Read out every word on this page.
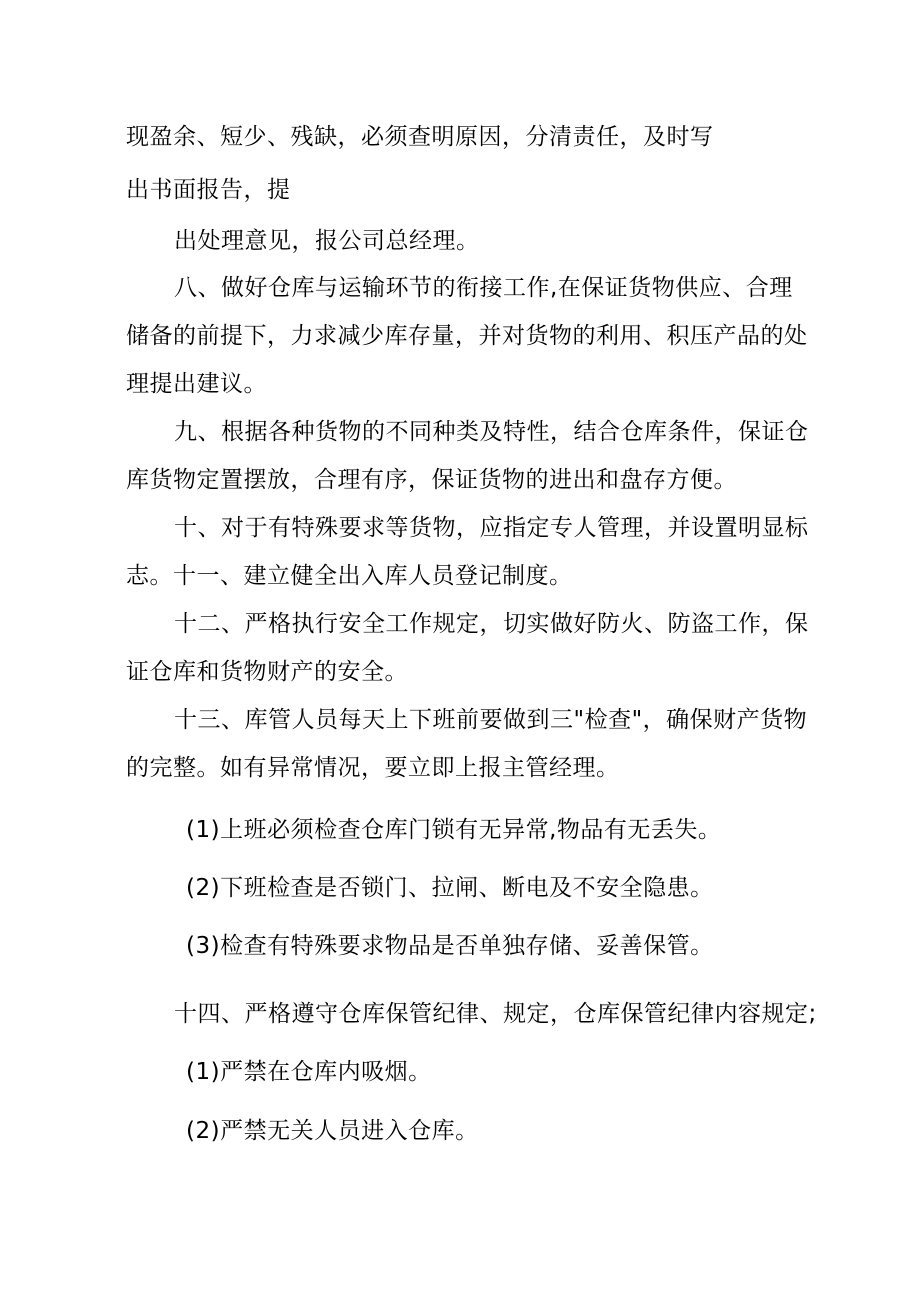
现盈余、短少、残缺，必须查明原因，分清责任，及时写
出书面报告，提
出处理意见，报公司总经理。
八、做好仓库与运输环节的衔接工作,在保证货物供应、合理
储备的前提下，力求减少库存量，并对货物的利用、积压产品的处
理提出建议。
九、根据各种货物的不同种类及特性，结合仓库条件，保证仓
库货物定置摆放，合理有序，保证货物的进出和盘存方便。
十、对于有特殊要求等货物，应指定专人管理，并设置明显标
志。十一、建立健全出入库人员登记制度。
十二、严格执行安全工作规定，切实做好防火、防盗工作，保
证仓库和货物财产的安全。
十三、库管人员每天上下班前要做到三"检查"，确保财产货物
的完整。如有异常情况，要立即上报主管经理。
(1)上班必须检查仓库门锁有无异常,物品有无丢失。
(2)下班检查是否锁门、拉闸、断电及不安全隐患。
(3)检查有特殊要求物品是否单独存储、妥善保管。
十四、严格遵守仓库保管纪律、规定，仓库保管纪律内容规定;
(1)严禁在仓库内吸烟。
(2)严禁无关人员进入仓库。
